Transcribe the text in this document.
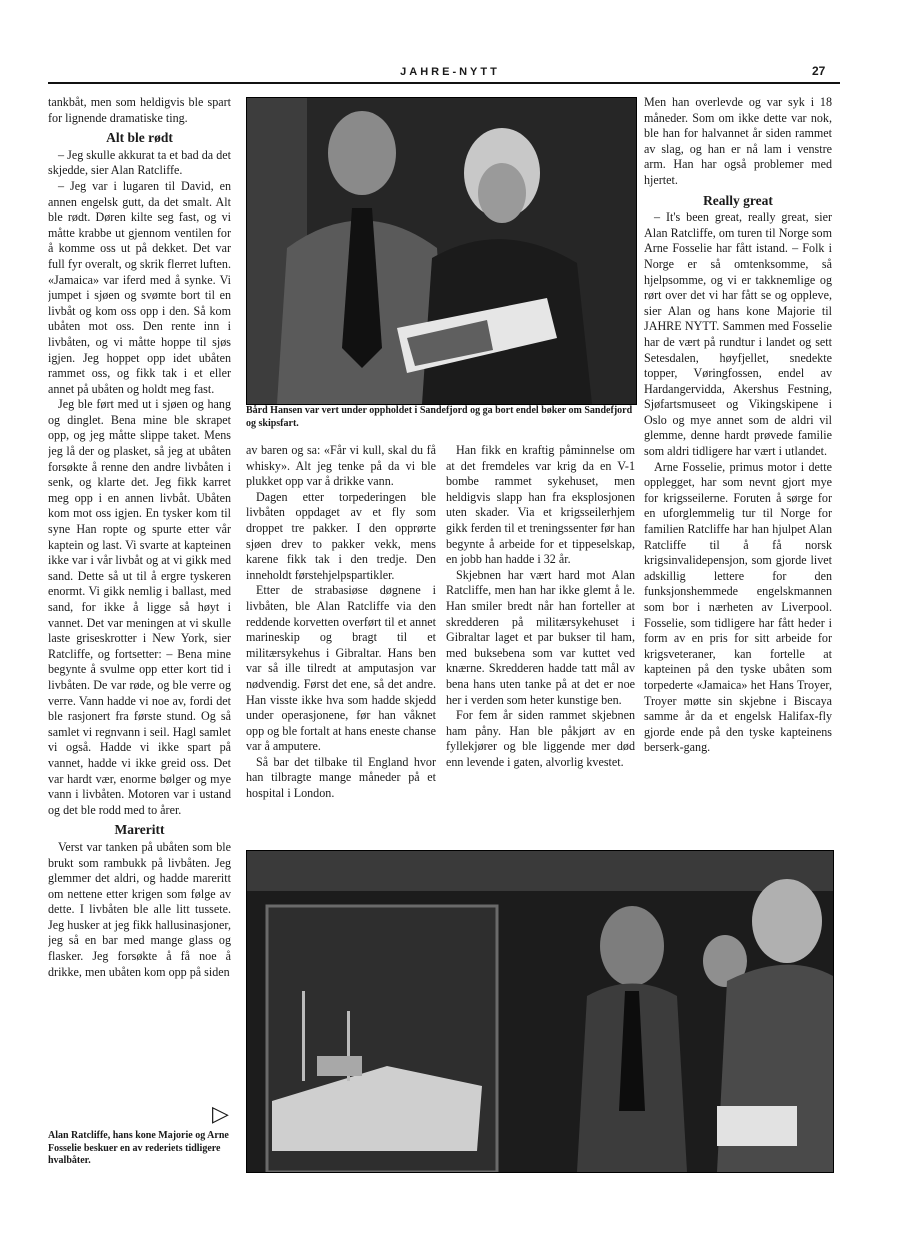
JAHRE-NYTT	27

tankbåt, men som heldigvis ble spart for lignende dramatiske ting.

Alt ble rødt

– Jeg skulle akkurat ta et bad da det skjedde, sier Alan Ratcliffe.

– Jeg var i lugaren til David, en annen engelsk gutt, da det smalt. Alt ble rødt. Døren kilte seg fast, og vi måtte krabbe ut gjennom ventilen for å komme oss ut på dekket. Det var full fyr overalt, og skrik flerret luften. «Jamaica» var iferd med å synke. Vi jumpet i sjøen og svømte bort til en livbåt og kom oss opp i den. Så kom ubåten mot oss. Den rente inn i livbåten, og vi måtte hoppe til sjøs igjen. Jeg hoppet opp idet ubåten rammet oss, og fikk tak i et eller annet på ubåten og holdt meg fast.

Jeg ble ført med ut i sjøen og hang og dinglet. Bena mine ble skrapet opp, og jeg måtte slippe taket. Mens jeg lå der og plasket, så jeg at ubåten forsøkte å renne den andre livbåten i senk, og klarte det. Jeg fikk karret meg opp i en annen livbåt. Ubåten kom mot oss igjen. En tysker kom til syne Han ropte og spurte etter vår kaptein og last. Vi svarte at kapteinen ikke var i vår livbåt og at vi gikk med sand. Dette så ut til å ergre tyskeren enormt. Vi gikk nemlig i ballast, med sand, for ikke å ligge så høyt i vannet. Det var meningen at vi skulle laste griseskrotter i New York, sier Ratcliffe, og fortsetter: – Bena mine begynte å svulme opp etter kort tid i livbåten. De var røde, og ble verre og verre. Vann hadde vi noe av, fordi det ble rasjonert fra første stund. Og så samlet vi regnvann i seil. Hagl samlet vi også. Hadde vi ikke spart på vannet, hadde vi ikke greid oss. Det var hardt vær, enorme bølger og mye vann i livbåten. Motoren var i ustand og det ble rodd med to årer.

Mareritt

Verst var tanken på ubåten som ble brukt som rambukk på livbåten. Jeg glemmer det aldri, og hadde mareritt om nettene etter krigen som følge av dette. I livbåten ble alle litt tussete. Jeg husker at jeg fikk hallusinasjoner, jeg så en bar med mange glass og flasker. Jeg forsøkte å få noe å drikke, men ubåten kom opp på siden

Bård Hansen var vert under oppholdet i Sandefjord og ga bort endel bøker om Sandefjord og skipsfart.

av baren og sa: «Får vi kull, skal du få whisky». Alt jeg tenke på da vi ble plukket opp var å drikke vann.

Dagen etter torpederingen ble livbåten oppdaget av et fly som droppet tre pakker. I den opprørte sjøen drev to pakker vekk, mens karene fikk tak i den tredje. Den inneholdt førstehjelpspartikler.

Etter de strabasiøse døgnene i livbåten, ble Alan Ratcliffe via den reddende korvetten overført til et annet marineskip og bragt til et militærsykehus i Gibraltar. Hans ben var så ille tilredt at amputasjon var nødvendig. Først det ene, så det andre. Han visste ikke hva som hadde skjedd under operasjonene, før han våknet opp og ble fortalt at hans eneste chanse var å amputere.

Så bar det tilbake til England hvor han tilbragte mange måneder på et hospital i London.

Han fikk en kraftig påminnelse om at det fremdeles var krig da en V-1 bombe rammet sykehuset, men heldigvis slapp han fra eksplosjonen uten skader. Via et krigsseilerhjem gikk ferden til et treningssenter før han begynte å arbeide for et tippeselskap, en jobb han hadde i 32 år.

Skjebnen har vært hard mot Alan Ratcliffe, men han har ikke glemt å le. Han smiler bredt når han forteller at skredderen på militærsykehuset i Gibraltar laget et par bukser til ham, med buksebena som var kuttet ved knærne. Skredderen hadde tatt mål av bena hans uten tanke på at det er noe her i verden som heter kunstige ben.

For fem år siden rammet skjebnen ham påny. Han ble påkjørt av en fyllekjører og ble liggende mer død enn levende i gaten, alvorlig kvestet.

Men han overlevde og var syk i 18 måneder. Som om ikke dette var nok, ble han for halvannet år siden rammet av slag, og han er nå lam i venstre arm. Han har også problemer med hjertet.

Really great

– It's been great, really great, sier Alan Ratcliffe, om turen til Norge som Arne Fosselie har fått istand. – Folk i Norge er så omtenksomme, så hjelpsomme, og vi er takknemlige og rørt over det vi har fått se og oppleve, sier Alan og hans kone Majorie til JAHRE NYTT. Sammen med Fosselie har de vært på rundtur i landet og sett Setesdalen, høyfjellet, snedekte topper, Vøringfossen, endel av Hardangervidda, Akershus Festning, Sjøfartsmuseet og Vikingskipene i Oslo og mye annet som de aldri vil glemme, denne hardt prøvede familie som aldri tidligere har vært i utlandet.

Arne Fosselie, primus motor i dette opplegget, har som nevnt gjort mye for krigsseilerne. Foruten å sørge for en uforglemmelig tur til Norge for familien Ratcliffe har han hjulpet Alan Ratcliffe til å få norsk krigsinvalidepensjon, som gjorde livet adskillig lettere for den funksjonshemmede engelskmannen som bor i nærheten av Liverpool. Fosselie, som tidligere har fått heder i form av en pris for sitt arbeide for krigsveteraner, kan fortelle at kapteinen på den tyske ubåten som torpederte «Jamaica» het Hans Troyer, Troyer møtte sin skjebne i Biscaya samme år da et engelsk Halifax-fly gjorde ende på den tyske kapteinens berserk-gang.

▷
Alan Ratcliffe, hans kone Majorie og Arne Fosselie beskuer en av rederiets tidligere hvalbåter.
